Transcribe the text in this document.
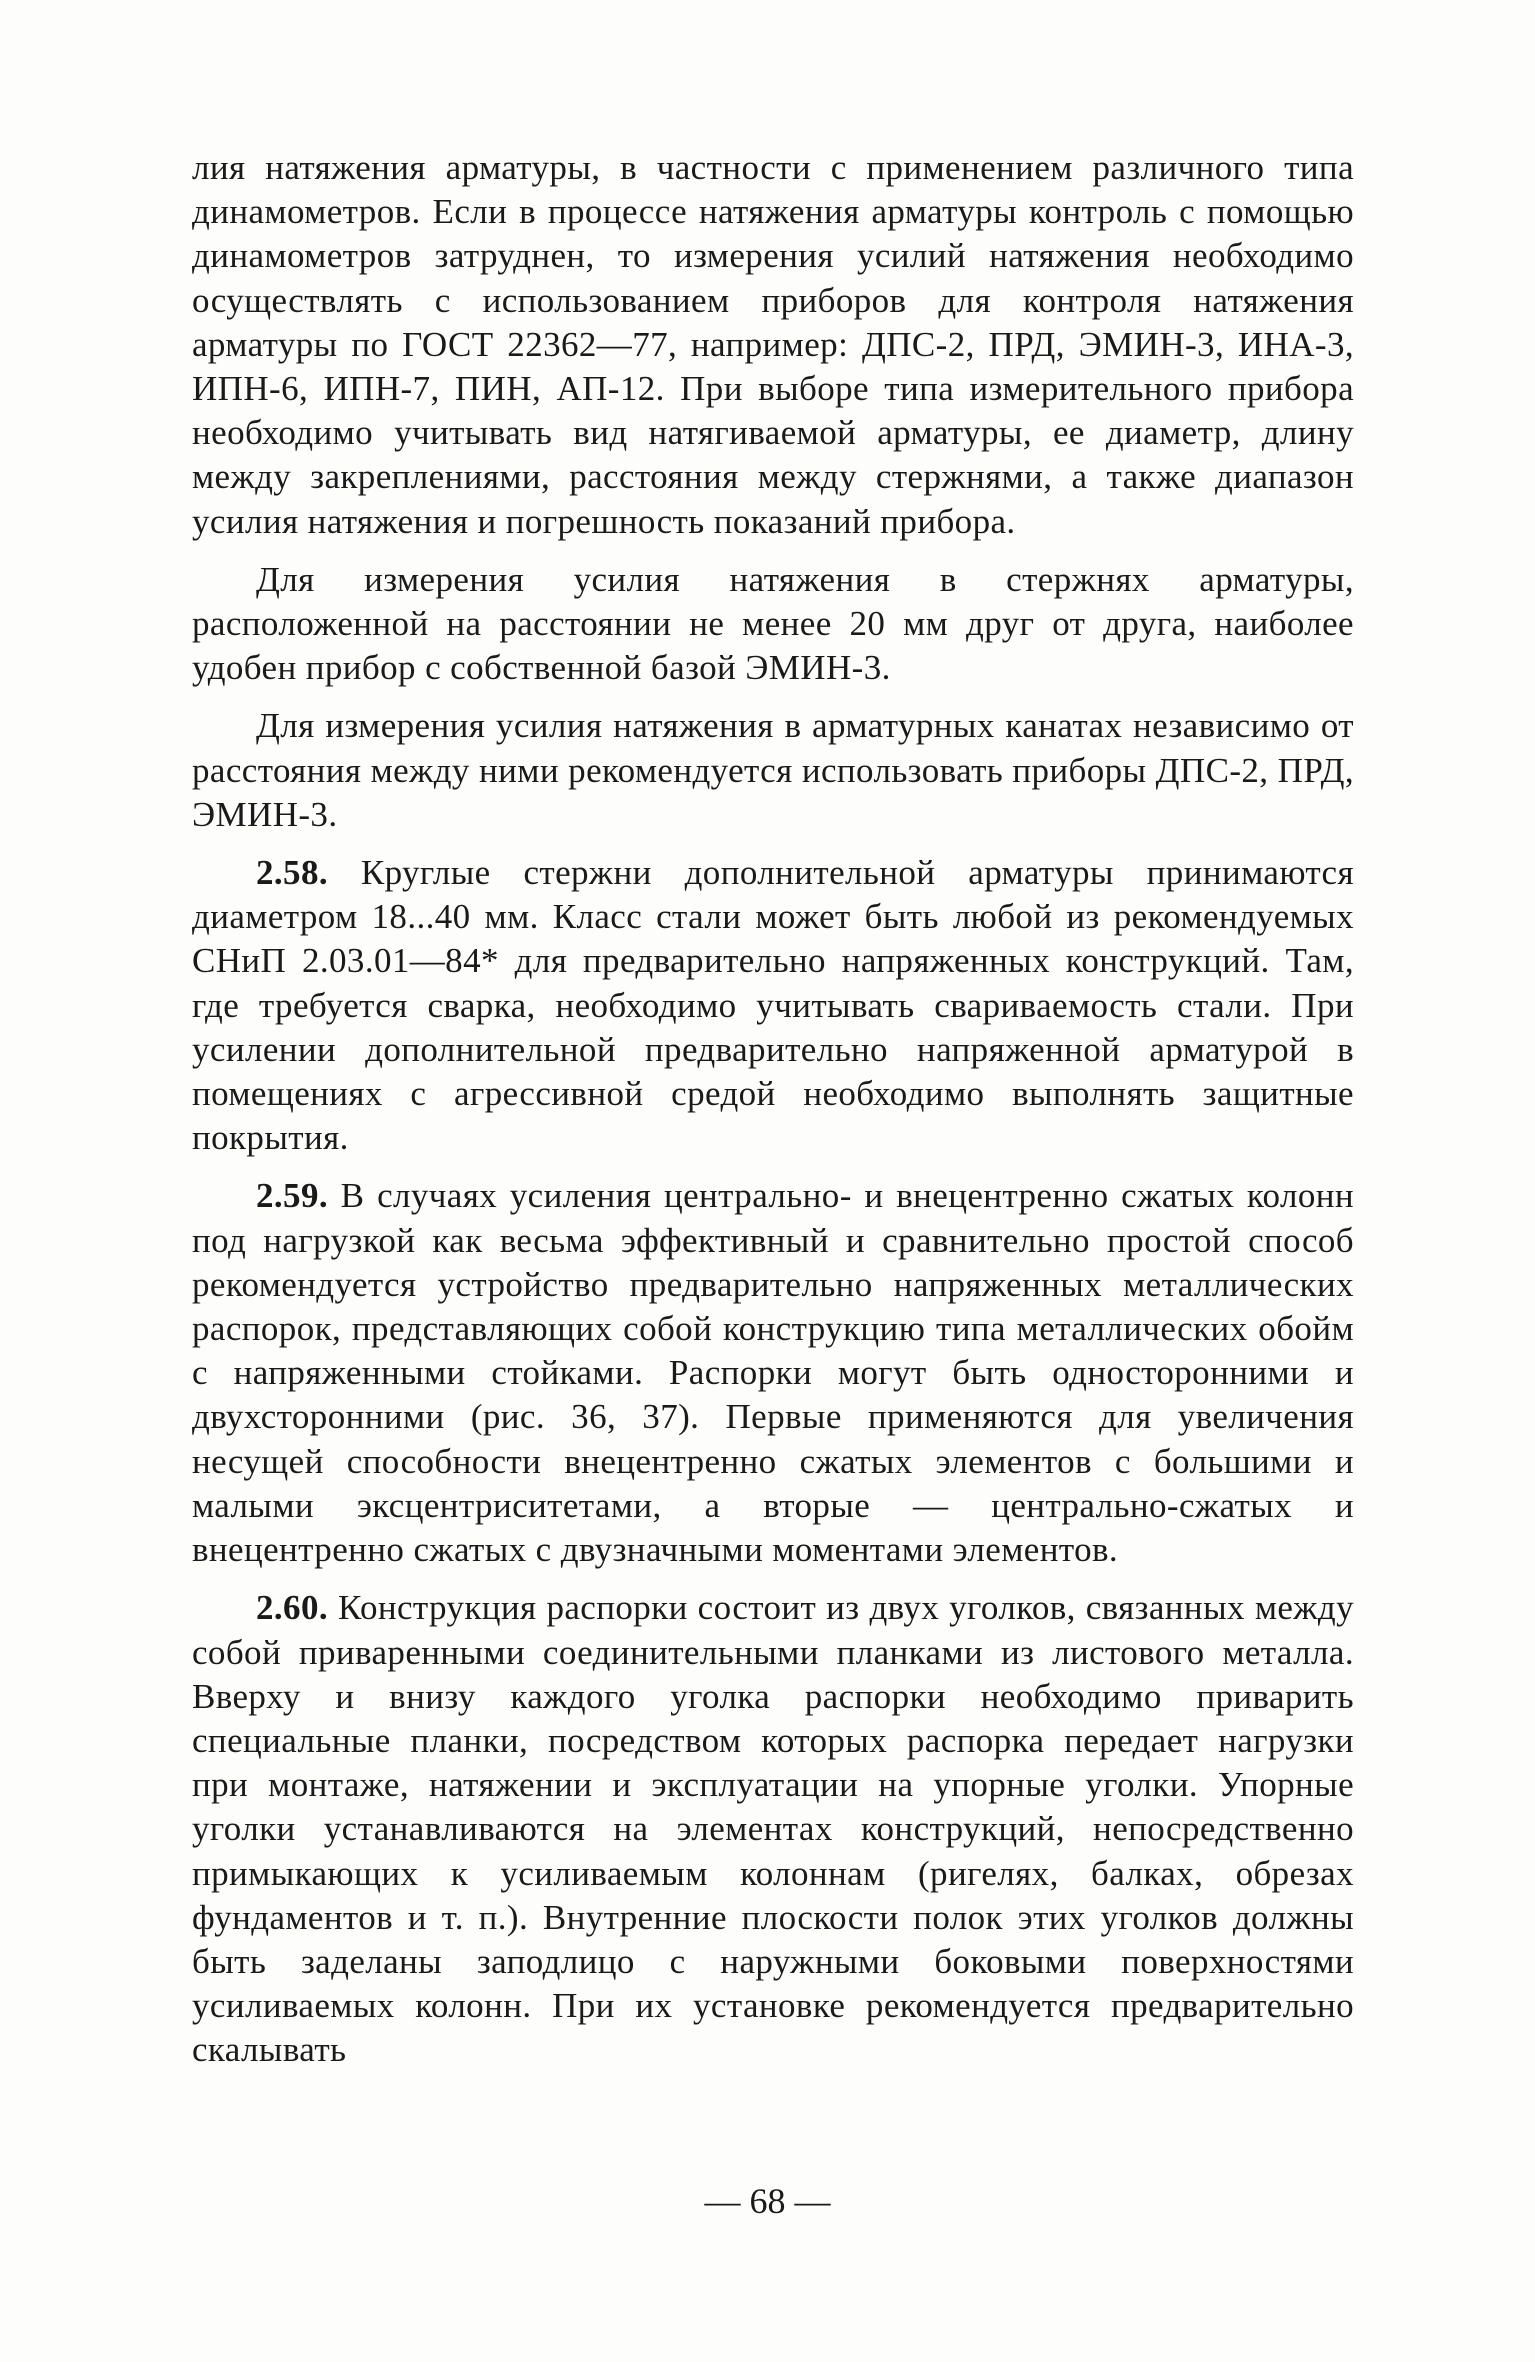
лия натяжения арматуры, в частности с применением различного типа динамометров. Если в процессе натяжения арматуры контроль с помощью динамометров затруднен, то измерения усилий натяжения необходимо осуществлять с использованием приборов для контроля натяжения арматуры по ГОСТ 22362—77, например: ДПС-2, ПРД, ЭМИН-3, ИНА-3, ИПН-6, ИПН-7, ПИН, АП-12. При выборе типа измерительного прибора необходимо учитывать вид натягиваемой арматуры, ее диаметр, длину между закреплениями, расстояния между стержнями, а также диапазон усилия натяжения и погрешность показаний прибора.

Для измерения усилия натяжения в стержнях арматуры, расположенной на расстоянии не менее 20 мм друг от друга, наиболее удобен прибор с собственной базой ЭМИН-3.

Для измерения усилия натяжения в арматурных канатах независимо от расстояния между ними рекомендуется использовать приборы ДПС-2, ПРД, ЭМИН-3.

2.58. Круглые стержни дополнительной арматуры принимаются диаметром 18...40 мм. Класс стали может быть любой из рекомендуемых СНиП 2.03.01—84* для предварительно напряженных конструкций. Там, где требуется сварка, необходимо учитывать свариваемость стали. При усилении дополнительной предварительно напряженной арматурой в помещениях с агрессивной средой необходимо выполнять защитные покрытия.

2.59. В случаях усиления центрально- и внецентренно сжатых колонн под нагрузкой как весьма эффективный и сравнительно простой способ рекомендуется устройство предварительно напряженных металлических распорок, представляющих собой конструкцию типа металлических обойм с напряженными стойками. Распорки могут быть односторонними и двухсторонними (рис. 36, 37). Первые применяются для увеличения несущей способности внецентренно сжатых элементов с большими и малыми эксцентриситетами, а вторые — центрально-сжатых и внецентренно сжатых с двузначными моментами элементов.

2.60. Конструкция распорки состоит из двух уголков, связанных между собой приваренными соединительными планками из листового металла. Вверху и внизу каждого уголка распорки необходимо приварить специальные планки, посредством которых распорка передает нагрузки при монтаже, натяжении и эксплуатации на упорные уголки. Упорные уголки устанавливаются на элементах конструкций, непосредственно примыкающих к усиливаемым колоннам (ригелях, балках, обрезах фундаментов и т. п.). Внутренние плоскости полок этих уголков должны быть заделаны заподлицо с наружными боковыми поверхностями усиливаемых колонн. При их установке рекомендуется предварительно скалывать

— 68 —
